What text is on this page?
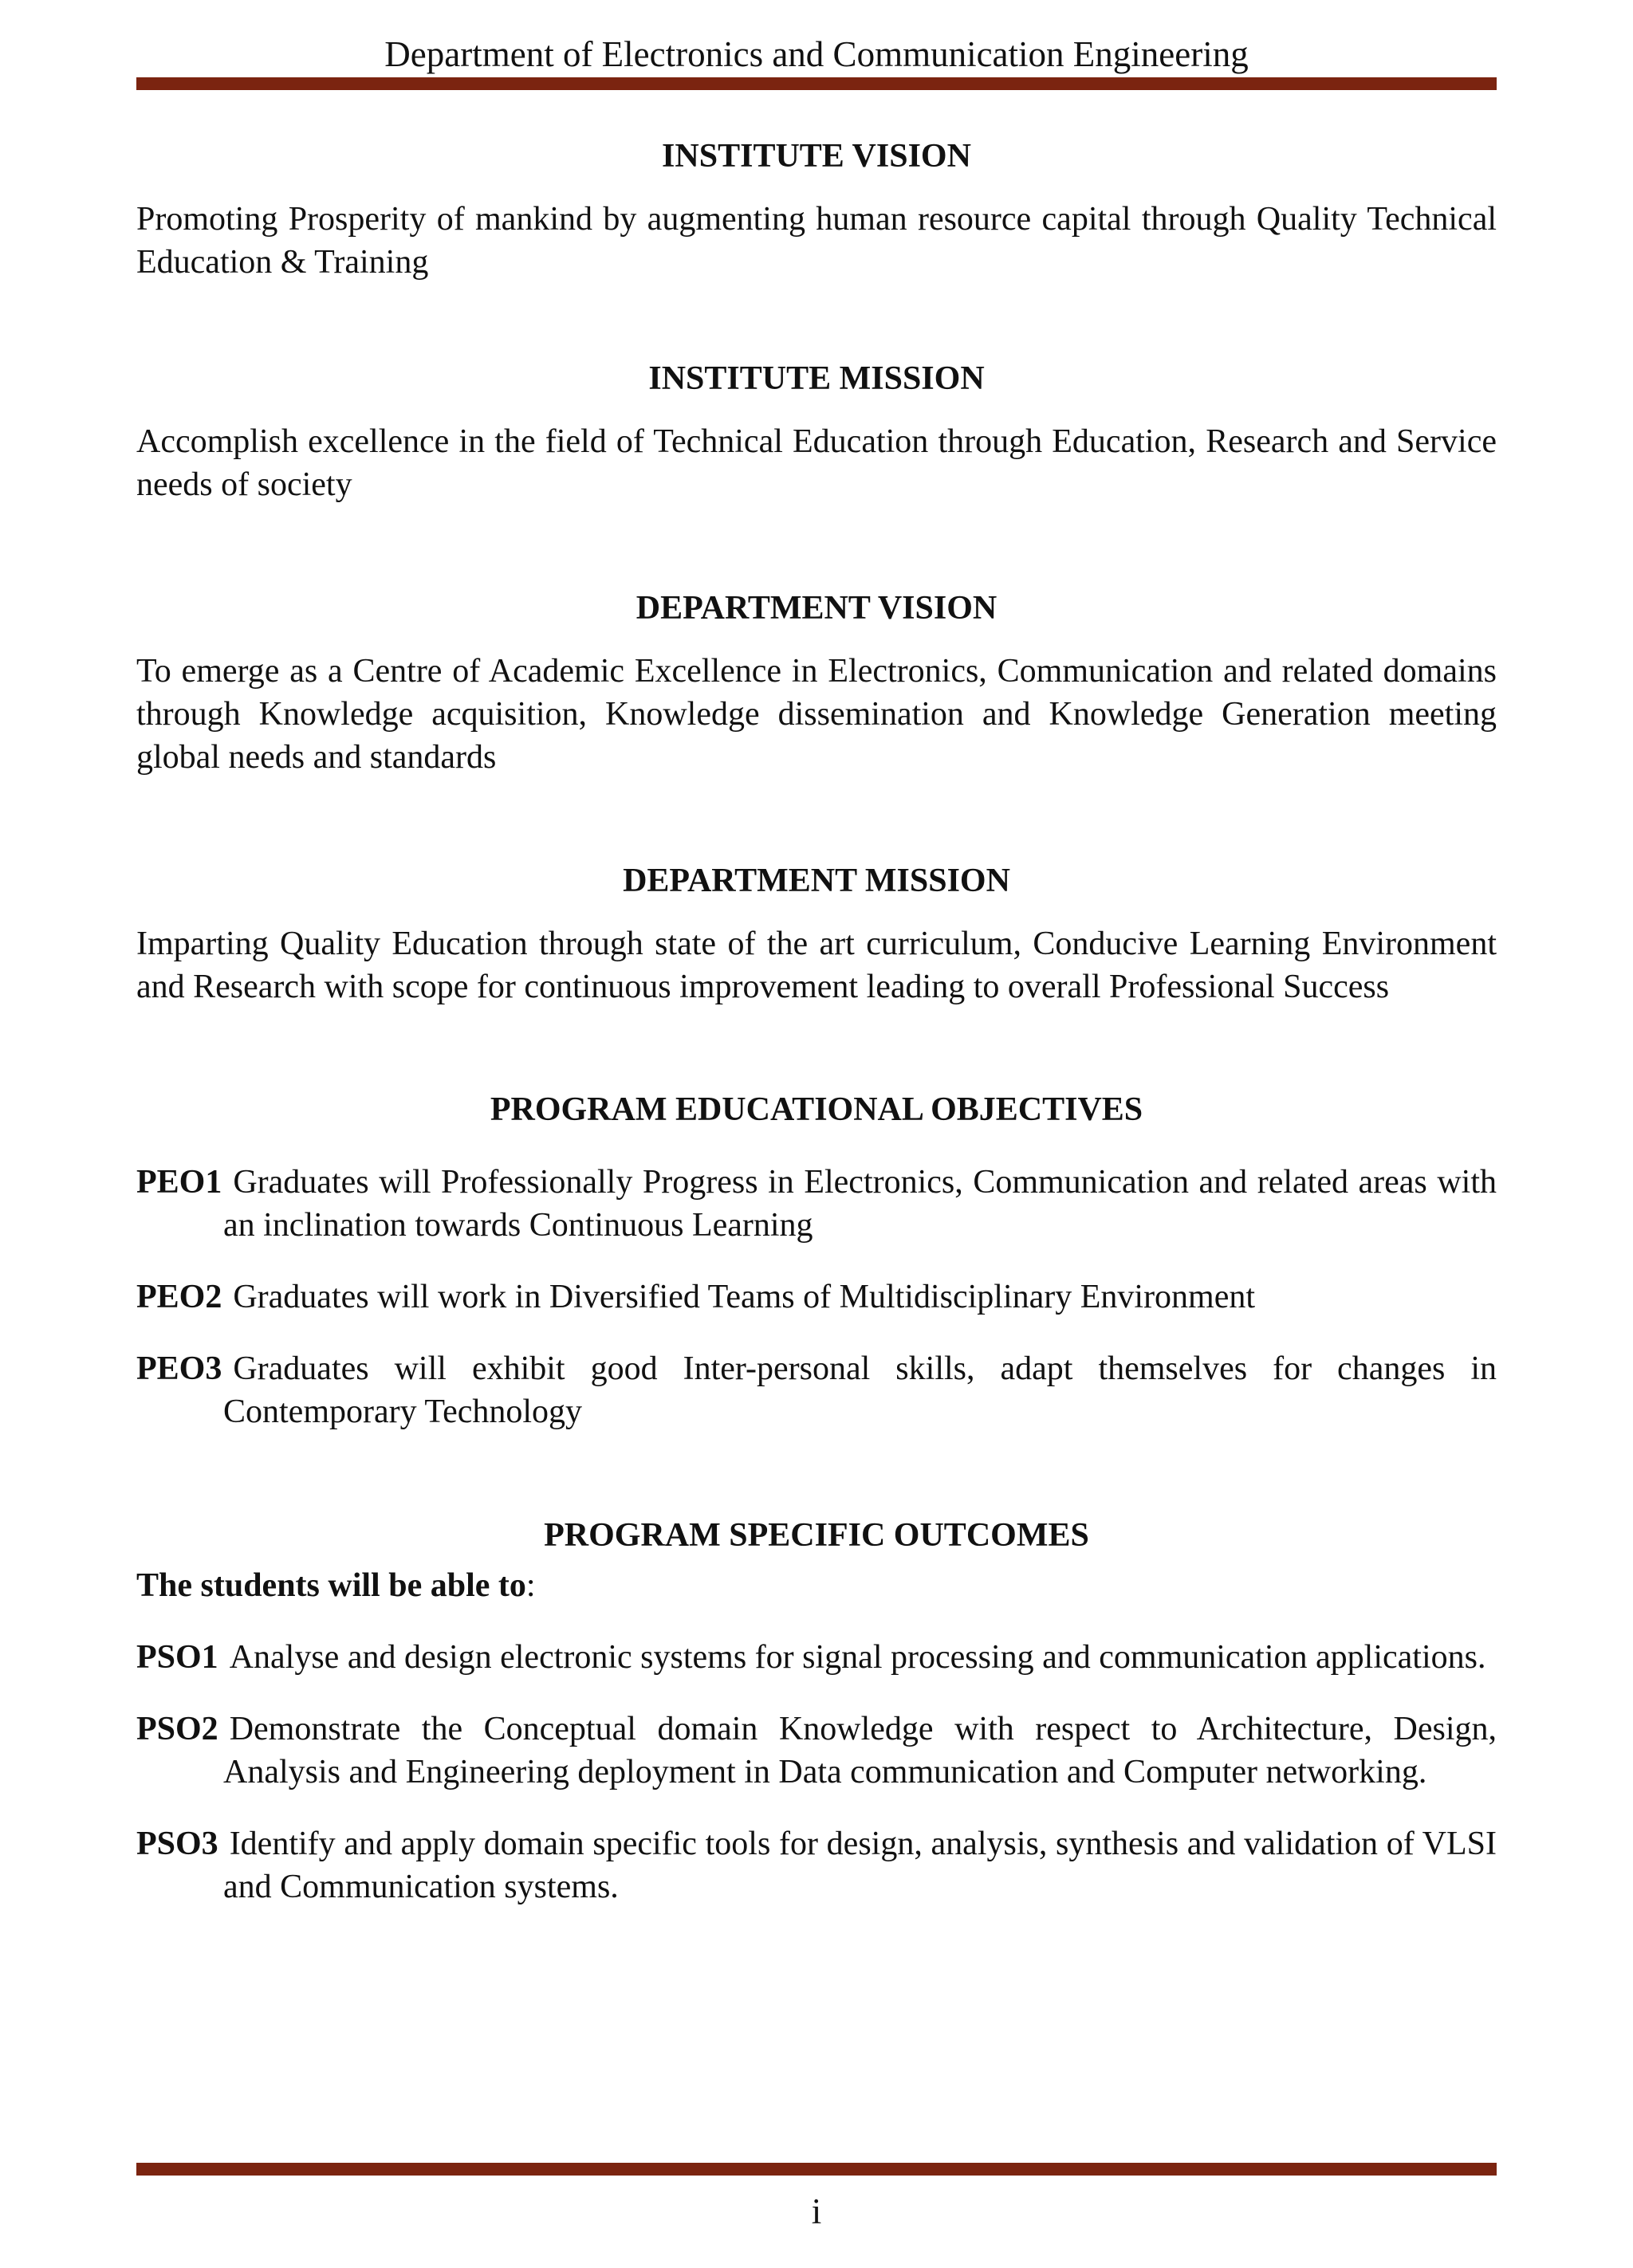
Department of Electronics and Communication Engineering
INSTITUTE VISION

Promoting Prosperity of mankind by augmenting human resource capital through Quality Technical Education & Training

INSTITUTE MISSION

Accomplish excellence in the field of Technical Education through Education, Research and Service needs of society

DEPARTMENT VISION

To emerge as a Centre of Academic Excellence in Electronics, Communication and related domains through Knowledge acquisition, Knowledge dissemination and Knowledge Generation meeting global needs and standards

DEPARTMENT MISSION

Imparting Quality Education through state of the art curriculum, Conducive Learning Environment and Research with scope for continuous improvement leading to overall Professional Success

PROGRAM EDUCATIONAL OBJECTIVES
PEO1 Graduates will Professionally Progress in Electronics, Communication and related areas with an inclination towards Continuous Learning
PEO2 Graduates will work in Diversified Teams of Multidisciplinary Environment
PEO3 Graduates will exhibit good Inter-personal skills, adapt themselves for changes in Contemporary Technology
PROGRAM SPECIFIC OUTCOMES

The students will be able to:

PSO1 Analyse and design electronic systems for signal processing and communication applications.
PSO2 Demonstrate the Conceptual domain Knowledge with respect to Architecture, Design, Analysis and Engineering deployment in Data communication and Computer networking.
PSO3 Identify and apply domain specific tools for design, analysis, synthesis and validation of VLSI and Communication systems.
i
